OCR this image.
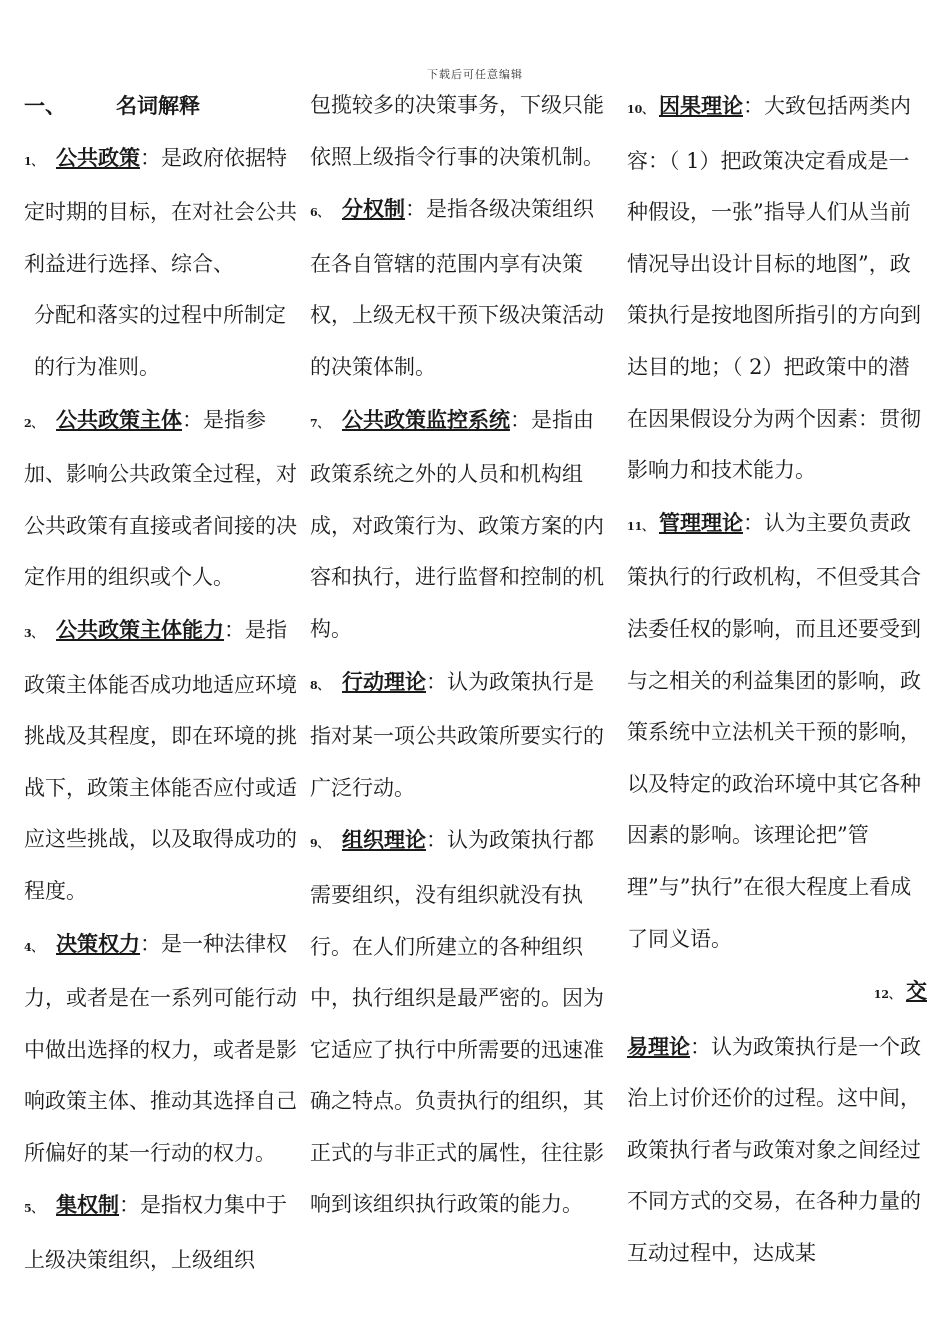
下载后可任意编辑

一、 名词解释

1、 公共政策：是政府依据特定时期的目标，在对社会公共利益进行选择、综合、

分配和落实的过程中所制定的行为准则。

2、 公共政策主体：是指参加、影响公共政策全过程，对公共政策有直接或者间接的决定作用的组织或个人。

3、 公共政策主体能力：是指政策主体能否成功地适应环境挑战及其程度，即在环境的挑战下，政策主体能否应付或适应这些挑战，以及取得成功的程度。

4、 决策权力：是一种法律权力，或者是在一系列可能行动中做出选择的权力，或者是影响政策主体、推动其选择自己所偏好的某一行动的权力。

5、 集权制：是指权力集中于上级决策组织，上级组织

包揽较多的决策事务，下级只能依照上级指令行事的决策机制。

6、 分权制：是指各级决策组织在各自管辖的范围内享有决策权，上级无权干预下级决策活动的决策体制。

7、 公共政策监控系统：是指由政策系统之外的人员和机构组成，对政策行为、政策方案的内容和执行，进行监督和控制的机构。

8、 行动理论：认为政策执行是指对某一项公共政策所要实行的广泛行动。

9、 组织理论：认为政策执行都需要组织，没有组织就没有执行。在人们所建立的各种组织中，执行组织是最严密的。因为它适应了执行中所需要的迅速准确之特点。负责执行的组织，其正式的与非正式的属性，往往影响到该组织执行政策的能力。

10、 因果理论：大致包括两类内容：（ 1）把政策决定看成是一种假设，一张”指导人们从当前情况导出设计目标的地图”，政策执行是按地图所指引的方向到达目的地；（ 2）把政策中的潜在因果假设分为两个因素：贯彻影响力和技术能力。

11、 管理理论：认为主要负责政策执行的行政机构，不但受其合法委任权的影响，而且还要受到与之相关的利益集团的影响，政策系统中立法机关干预的影响，以及特定的政治环境中其它各种因素的影响。该理论把”管理”与”执行”在很大程度上看成了同义语。

12、 交

易理论：认为政策执行是一个政治上讨价还价的过程。这中间，政策执行者与政策对象之间经过不同方式的交易，在各种力量的互动过程中，达成某
